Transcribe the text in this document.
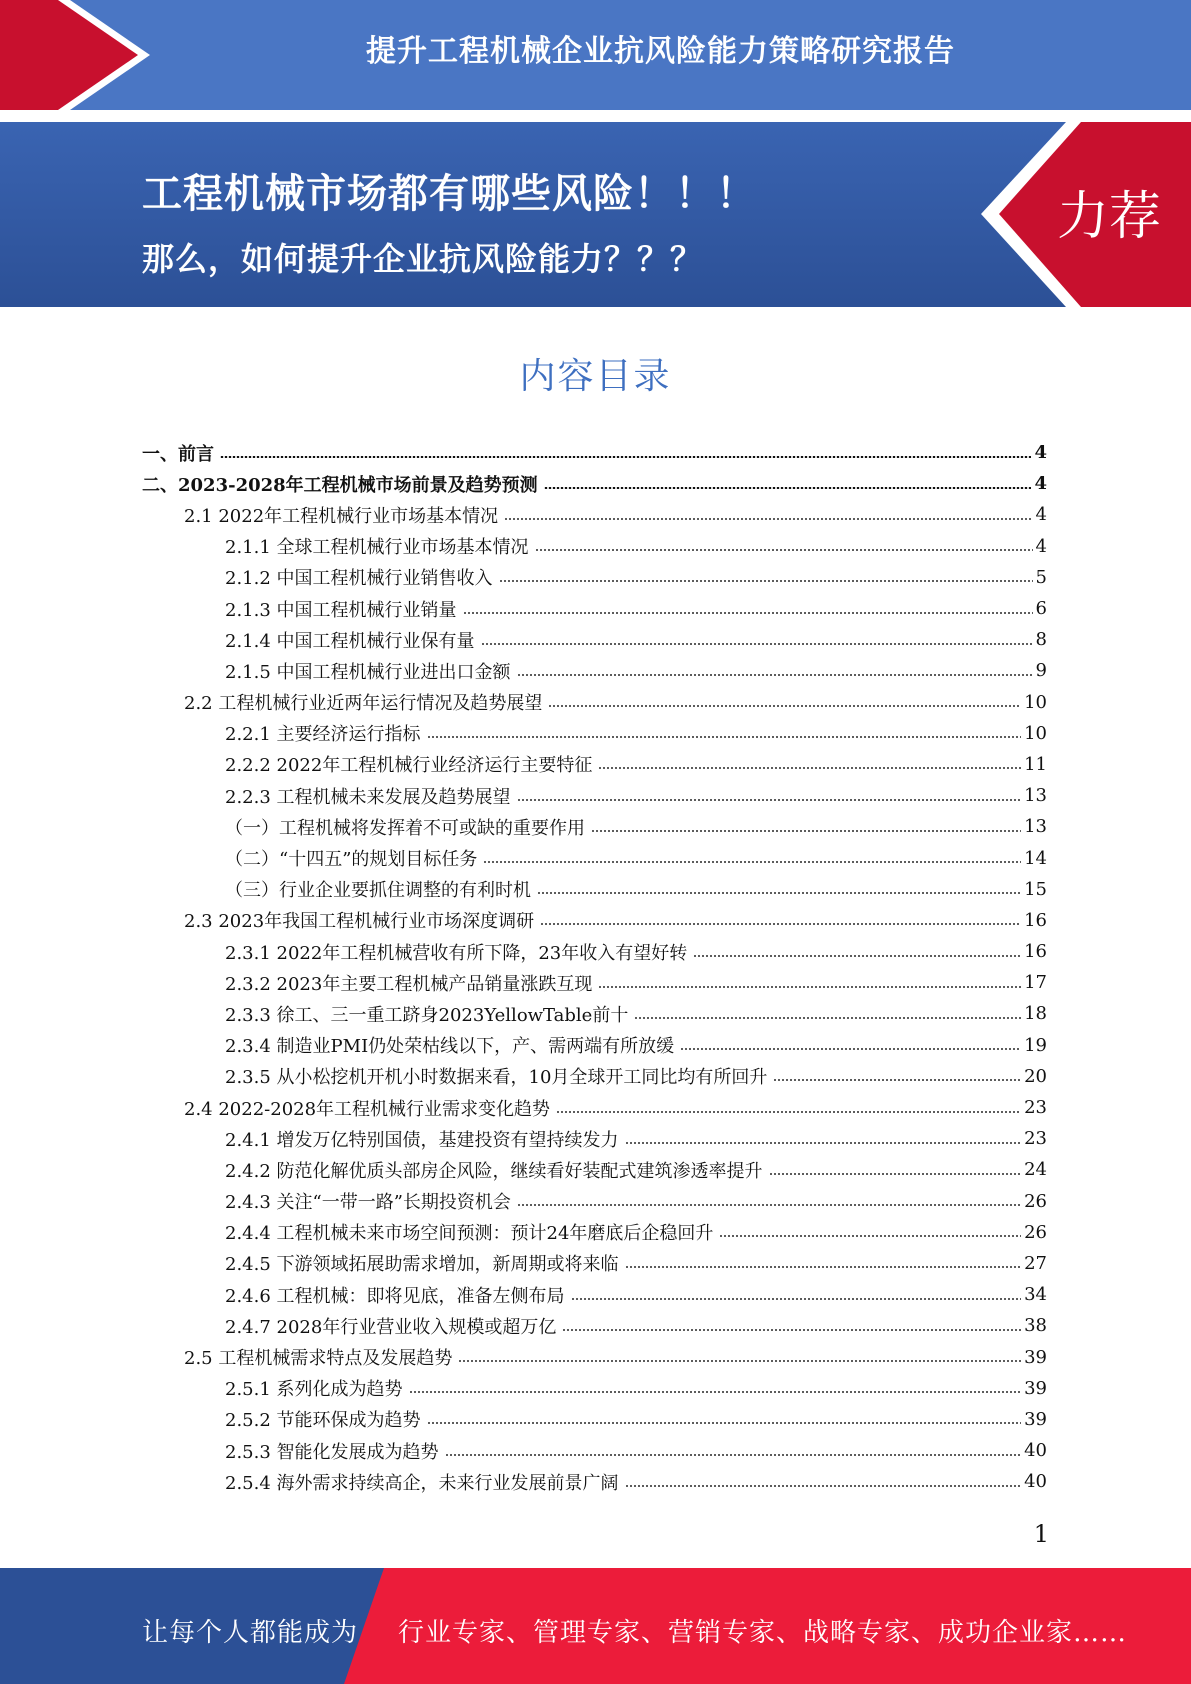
提升工程机械企业抗风险能力策略研究报告
工程机械市场都有哪些风险！！！
那么，如何提升企业抗风险能力？？？
力荐
内容目录
一、前言	4
二、2023-2028年工程机械市场前景及趋势预测	4
2.1 2022年工程机械行业市场基本情况	4
2.1.1 全球工程机械行业市场基本情况	4
2.1.2 中国工程机械行业销售收入	5
2.1.3 中国工程机械行业销量	6
2.1.4 中国工程机械行业保有量	8
2.1.5 中国工程机械行业进出口金额	9
2.2 工程机械行业近两年运行情况及趋势展望	10
2.2.1 主要经济运行指标	10
2.2.2 2022年工程机械行业经济运行主要特征	11
2.2.3 工程机械未来发展及趋势展望	13
（一）工程机械将发挥着不可或缺的重要作用	13
（二）“十四五”的规划目标任务	14
（三）行业企业要抓住调整的有利时机	15
2.3 2023年我国工程机械行业市场深度调研	16
2.3.1 2022年工程机械营收有所下降，23年收入有望好转	16
2.3.2 2023年主要工程机械产品销量涨跌互现	17
2.3.3 徐工、三一重工跻身2023YellowTable前十	18
2.3.4 制造业PMI仍处荣枯线以下，产、需两端有所放缓	19
2.3.5 从小松挖机开机小时数据来看，10月全球开工同比均有所回升	20
2.4 2022-2028年工程机械行业需求变化趋势	23
2.4.1 增发万亿特别国债，基建投资有望持续发力	23
2.4.2 防范化解优质头部房企风险，继续看好装配式建筑渗透率提升	24
2.4.3 关注“一带一路”长期投资机会	26
2.4.4 工程机械未来市场空间预测：预计24年磨底后企稳回升	26
2.4.5 下游领域拓展助需求增加，新周期或将来临	27
2.4.6 工程机械：即将见底，准备左侧布局	34
2.4.7 2028年行业营业收入规模或超万亿	38
2.5 工程机械需求特点及发展趋势	39
2.5.1 系列化成为趋势	39
2.5.2 节能环保成为趋势	39
2.5.3 智能化发展成为趋势	40
2.5.4 海外需求持续高企，未来行业发展前景广阔	40
1
让每个人都能成为 行业专家、管理专家、营销专家、战略专家、成功企业家……
